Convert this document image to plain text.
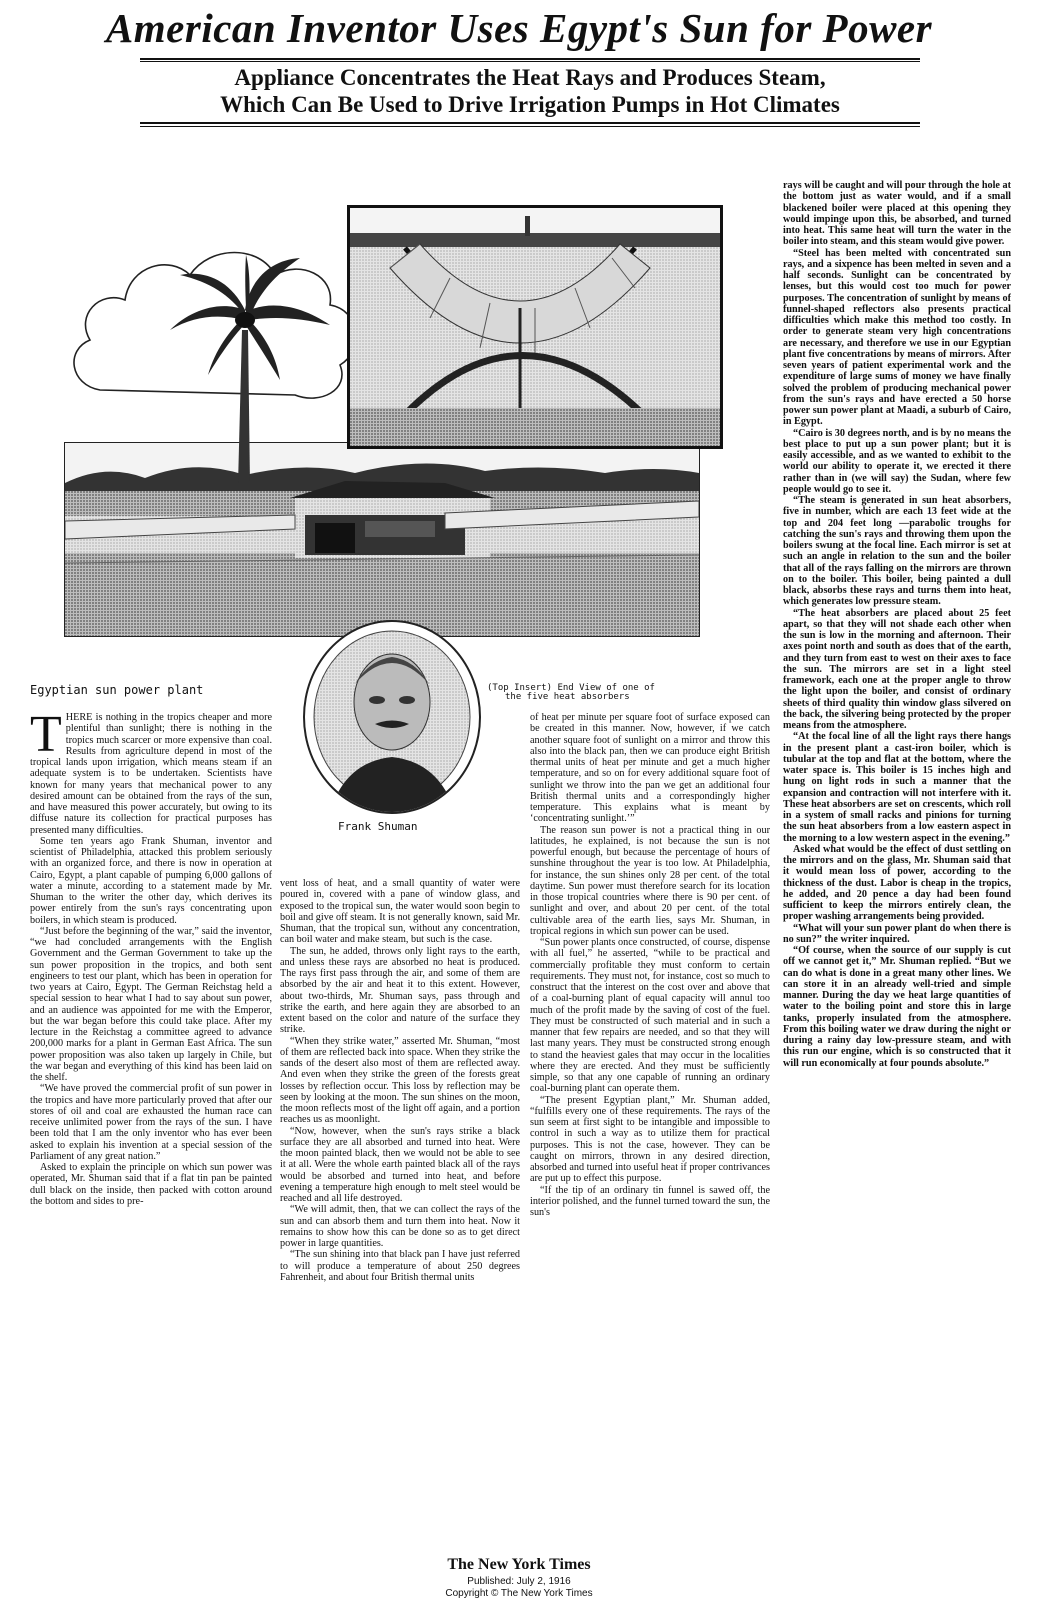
American Inventor Uses Egypt's Sun for Power
Appliance Concentrates the Heat Rays and Produces Steam,
Which Can Be Used to Drive Irrigation Pumps in Hot Climates
Egyptian sun power plant	(Top Insert) End View of one of
the five heat absorbers
Frank Shuman

THERE is nothing in the tropics cheaper and more plentiful than sunlight; there is nothing in the tropics much scarcer or more expensive than coal. Results from agriculture depend in most of the tropical lands upon irrigation, which means steam if an adequate system is to be undertaken. Scientists have known for many years that mechanical power to any desired amount can be obtained from the rays of the sun, and have measured this power accurately, but owing to its diffuse nature its collection for practical purposes has presented many difficulties.

Some ten years ago Frank Shuman, inventor and scientist of Philadelphia, attacked this problem seriously with an organized force, and there is now in operation at Cairo, Egypt, a plant capable of pumping 6,000 gallons of water a minute, according to a statement made by Mr. Shuman to the writer the other day, which derives its power entirely from the sun's rays concentrating upon boilers, in which steam is produced.

“Just before the beginning of the war,” said the inventor, “we had concluded arrangements with the English Government and the German Government to take up the sun power proposition in the tropics, and both sent engineers to test our plant, which has been in operation for two years at Cairo, Egypt. The German Reichstag held a special session to hear what I had to say about sun power, and an audience was appointed for me with the Emperor, but the war began before this could take place. After my lecture in the Reichstag a committee agreed to advance 200,000 marks for a plant in German East Africa. The sun power proposition was also taken up largely in Chile, but the war began and everything of this kind has been laid on the shelf.

“We have proved the commercial profit of sun power in the tropics and have more particularly proved that after our stores of oil and coal are exhausted the human race can receive unlimited power from the rays of the sun. I have been told that I am the only inventor who has ever been asked to explain his invention at a special session of the Parliament of any great nation.”

Asked to explain the principle on which sun power was operated, Mr. Shuman said that if a flat tin pan be painted dull black on the inside, then packed with cotton around the bottom and sides to pre-

vent loss of heat, and a small quantity of water were poured in, covered with a pane of window glass, and exposed to the tropical sun, the water would soon begin to boil and give off steam. It is not generally known, said Mr. Shuman, that the tropical sun, without any concentration, can boil water and make steam, but such is the case.

The sun, he added, throws only light rays to the earth, and unless these rays are absorbed no heat is produced. The rays first pass through the air, and some of them are absorbed by the air and heat it to this extent. However, about two-thirds, Mr. Shuman says, pass through and strike the earth, and here again they are absorbed to an extent based on the color and nature of the surface they strike.

“When they strike water,” asserted Mr. Shuman, “most of them are reflected back into space. When they strike the sands of the desert also most of them are reflected away. And even when they strike the green of the forests great losses by reflection occur. This loss by reflection may be seen by looking at the moon. The sun shines on the moon, the moon reflects most of the light off again, and a portion reaches us as moonlight.

“Now, however, when the sun's rays strike a black surface they are all absorbed and turned into heat. Were the moon painted black, then we would not be able to see it at all. Were the whole earth painted black all of the rays would be absorbed and turned into heat, and before evening a temperature high enough to melt steel would be reached and all life destroyed.

“We will admit, then, that we can collect the rays of the sun and can absorb them and turn them into heat. Now it remains to show how this can be done so as to get direct power in large quantities.

“The sun shining into that black pan I have just referred to will produce a temperature of about 250 degrees Fahrenheit, and about four British thermal units

of heat per minute per square foot of surface exposed can be created in this manner. Now, however, if we catch another square foot of sunlight on a mirror and throw this also into the black pan, then we can produce eight British thermal units of heat per minute and get a much higher temperature, and so on for every additional square foot of sunlight we throw into the pan we get an additional four British thermal units and a correspondingly higher temperature. This explains what is meant by ‘concentrating sunlight.’”

The reason sun power is not a practical thing in our latitudes, he explained, is not because the sun is not powerful enough, but because the percentage of hours of sunshine throughout the year is too low. At Philadelphia, for instance, the sun shines only 28 per cent. of the total daytime. Sun power must therefore search for its location in those tropical countries where there is 90 per cent. of sunlight and over, and about 20 per cent. of the total cultivable area of the earth lies, says Mr. Shuman, in tropical regions in which sun power can be used.

“Sun power plants once constructed, of course, dispense with all fuel,” he asserted, “while to be practical and commercially profitable they must conform to certain requirements. They must not, for instance, cost so much to construct that the interest on the cost over and above that of a coal-burning plant of equal capacity will annul too much of the profit made by the saving of cost of the fuel. They must be constructed of such material and in such a manner that few repairs are needed, and so that they will last many years. They must be constructed strong enough to stand the heaviest gales that may occur in the localities where they are erected. And they must be sufficiently simple, so that any one capable of running an ordinary coal-burning plant can operate them.

“The present Egyptian plant,” Mr. Shuman added, “fulfills every one of these requirements. The rays of the sun seem at first sight to be intangible and impossible to control in such a way as to utilize them for practical purposes. This is not the case, however. They can be caught on mirrors, thrown in any desired direction, absorbed and turned into useful heat if proper contrivances are put up to effect this purpose.

“If the tip of an ordinary tin funnel is sawed off, the interior polished, and the funnel turned toward the sun, the sun's

rays will be caught and will pour through the hole at the bottom just as water would, and if a small blackened boiler were placed at this opening they would impinge upon this, be absorbed, and turned into heat. This same heat will turn the water in the boiler into steam, and this steam would give power.

“Steel has been melted with concentrated sun rays, and a sixpence has been melted in seven and a half seconds. Sunlight can be concentrated by lenses, but this would cost too much for power purposes. The concentration of sunlight by means of funnel-shaped reflectors also presents practical difficulties which make this method too costly. In order to generate steam very high concentrations are necessary, and therefore we use in our Egyptian plant five concentrations by means of mirrors. After seven years of patient experimental work and the expenditure of large sums of money we have finally solved the problem of producing mechanical power from the sun's rays and have erected a 50 horse power sun power plant at Maadi, a suburb of Cairo, in Egypt.

“Cairo is 30 degrees north, and is by no means the best place to put up a sun power plant; but it is easily accessible, and as we wanted to exhibit to the world our ability to operate it, we erected it there rather than in (we will say) the Sudan, where few people would go to see it.

“The steam is generated in sun heat absorbers, five in number, which are each 13 feet wide at the top and 204 feet long —parabolic troughs for catching the sun's rays and throwing them upon the boilers swung at the focal line. Each mirror is set at such an angle in relation to the sun and the boiler that all of the rays falling on the mirrors are thrown on to the boiler. This boiler, being painted a dull black, absorbs these rays and turns them into heat, which generates low pressure steam.

“The heat absorbers are placed about 25 feet apart, so that they will not shade each other when the sun is low in the morning and afternoon. Their axes point north and south as does that of the earth, and they turn from east to west on their axes to face the sun. The mirrors are set in a light steel framework, each one at the proper angle to throw the light upon the boiler, and consist of ordinary sheets of third quality thin window glass silvered on the back, the silvering being protected by the proper means from the atmosphere.

“At the focal line of all the light rays there hangs in the present plant a cast-iron boiler, which is tubular at the top and flat at the bottom, where the water space is. This boiler is 15 inches high and hung on light rods in such a manner that the expansion and contraction will not interfere with it. These heat absorbers are set on crescents, which roll in a system of small racks and pinions for turning the sun heat absorbers from a low eastern aspect in the morning to a low western aspect in the evening.”

Asked what would be the effect of dust settling on the mirrors and on the glass, Mr. Shuman said that it would mean loss of power, according to the thickness of the dust. Labor is cheap in the tropics, he added, and 20 pence a day had been found sufficient to keep the mirrors entirely clean, the proper washing arrangements being provided.

“What will your sun power plant do when there is no sun?” the writer inquired.

“Of course, when the source of our supply is cut off we cannot get it,” Mr. Shuman replied. “But we can do what is done in a great many other lines. We can store it in an already well-tried and simple manner. During the day we heat large quantities of water to the boiling point and store this in large tanks, properly insulated from the atmosphere. From this boiling water we draw during the night or during a rainy day low-pressure steam, and with this run our engine, which is so constructed that it will run economically at four pounds absolute.”

The New York Times
Published: July 2, 1916
Copyright © The New York Times
